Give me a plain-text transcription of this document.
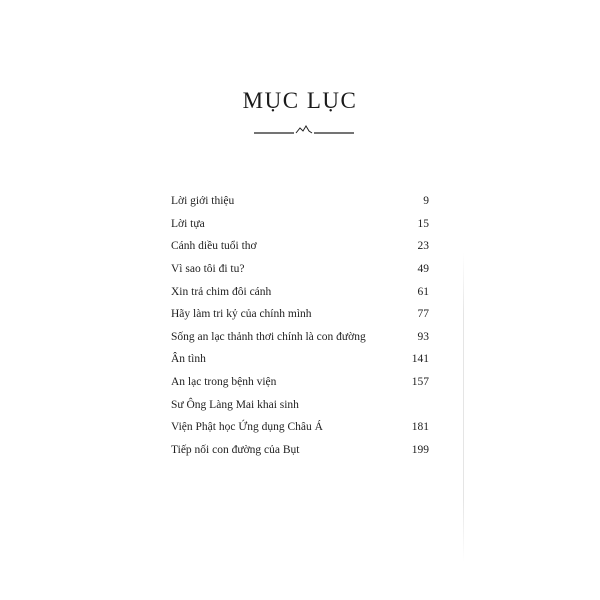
MỤC LỤC
Lời giới thiệu	9
Lời tựa	15
Cánh diều tuổi thơ	23
Vì sao tôi đi tu?	49
Xin trả chim đôi cánh	61
Hãy làm tri kỷ của chính mình	77
Sống an lạc thảnh thơi chính là con đường	93
Ân tình	141
An lạc trong bệnh viện	157
Sư Ông Làng Mai khai sinh
Viện Phật học Ứng dụng Châu Á	181
Tiếp nối con đường của Bụt	199
